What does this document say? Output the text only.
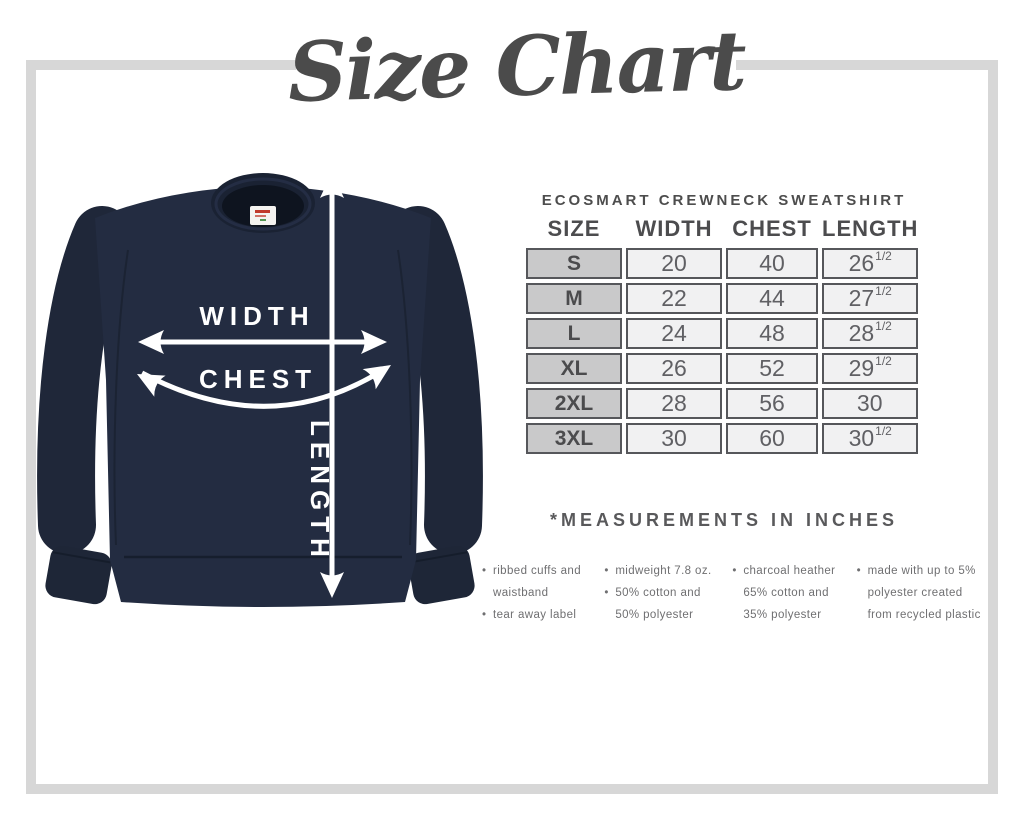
Size Chart
WIDTH
CHEST
LENGTH
ECOSMART CREWNECK SWEATSHIRT
SIZE	WIDTH	CHEST	LENGTH
S	20	40	$26^{1/2}$
M	22	44	$27^{1/2}$
L	24	48	$28^{1/2}$
XL	26	52	$29^{1/2}$
2XL	28	56	30
3XL	30	60	$30^{1/2}$
*MEASUREMENTS IN INCHES
• ribbed cuffs and waistband
• tear away label
• midweight 7.8 oz.
• 50% cotton and 50% polyester
• charcoal heather 65% cotton and 35% polyester
• made with up to 5% polyester created from recycled plastic
